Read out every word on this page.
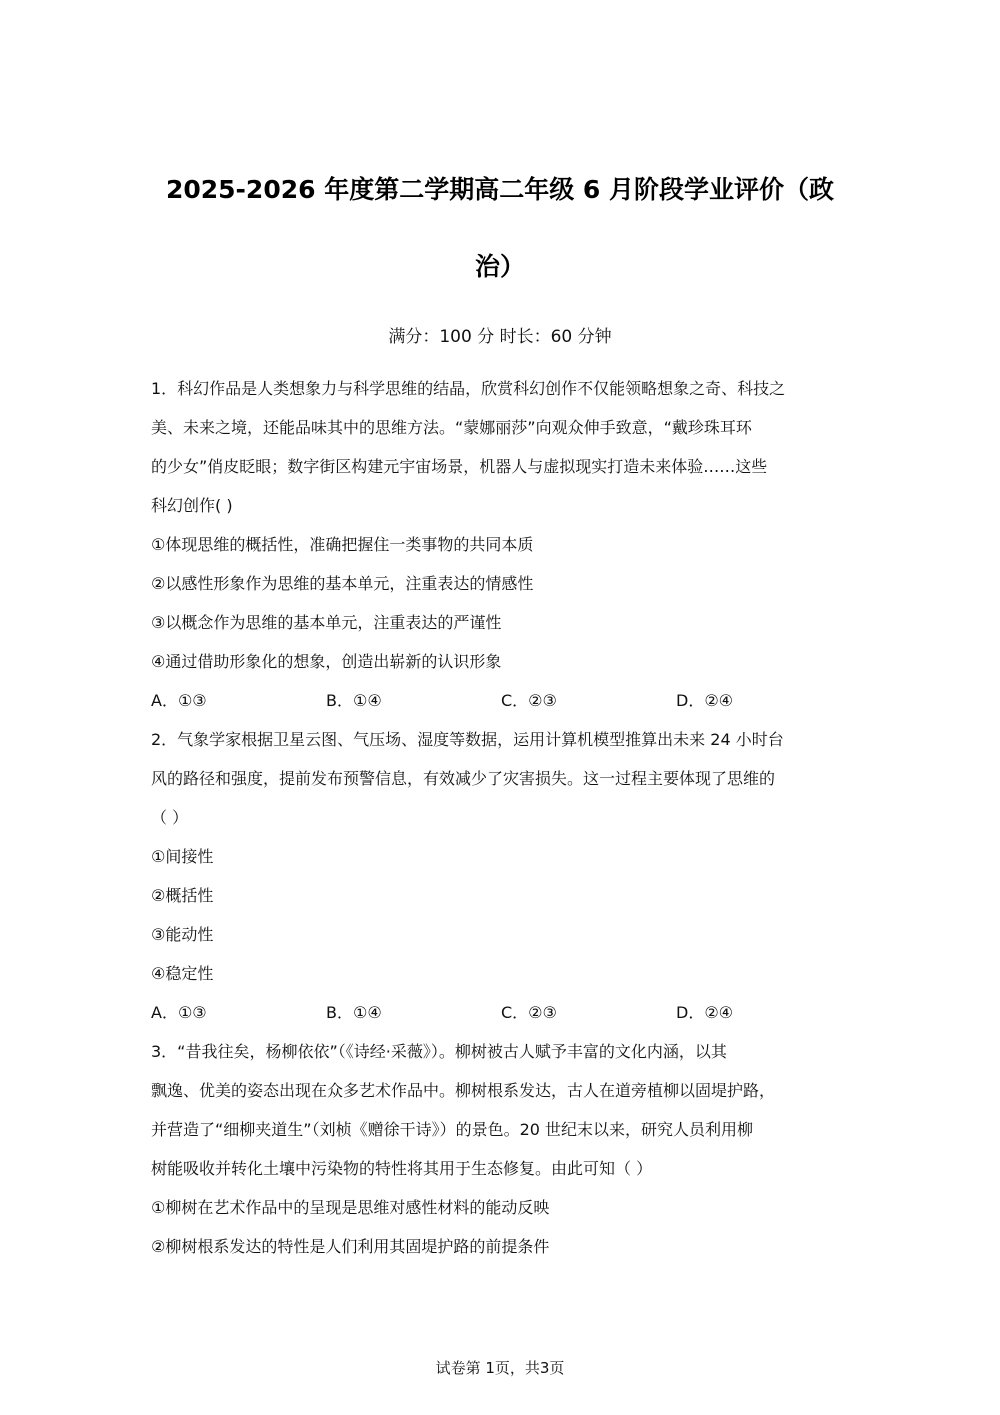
2025-2026 年度第二学期高二年级 6 月阶段学业评价（政
治）
满分：100 分 时长：60 分钟
1．科幻作品是人类想象力与科学思维的结晶，欣赏科幻创作不仅能领略想象之奇、科技之
美、未来之境，还能品味其中的思维方法。“蒙娜丽莎”向观众伸手致意，“戴珍珠耳环
的少女”俏皮眨眼；数字街区构建元宇宙场景，机器人与虚拟现实打造未来体验……这些
科幻创作( )
①体现思维的概括性，准确把握住一类事物的共同本质
②以感性形象作为思维的基本单元，注重表达的情感性
③以概念作为思维的基本单元，注重表达的严谨性
④通过借助形象化的想象，创造出崭新的认识形象
A．①③	B．①④	C．②③	D．②④
2．气象学家根据卫星云图、气压场、湿度等数据，运用计算机模型推算出未来 24 小时台
风的路径和强度，提前发布预警信息，有效减少了灾害损失。这一过程主要体现了思维的
（ ）
①间接性
②概括性
③能动性
④稳定性
A．①③	B．①④	C．②③	D．②④
3．“昔我往矣，杨柳依依”（《诗经·采薇》）。柳树被古人赋予丰富的文化内涵，以其
飘逸、优美的姿态出现在众多艺术作品中。柳树根系发达，古人在道旁植柳以固堤护路，
并营造了“细柳夹道生”（刘桢《赠徐干诗》）的景色。20 世纪末以来，研究人员利用柳
树能吸收并转化土壤中污染物的特性将其用于生态修复。由此可知（ ）
①柳树在艺术作品中的呈现是思维对感性材料的能动反映
②柳树根系发达的特性是人们利用其固堤护路的前提条件
试卷第 1页，共3页
